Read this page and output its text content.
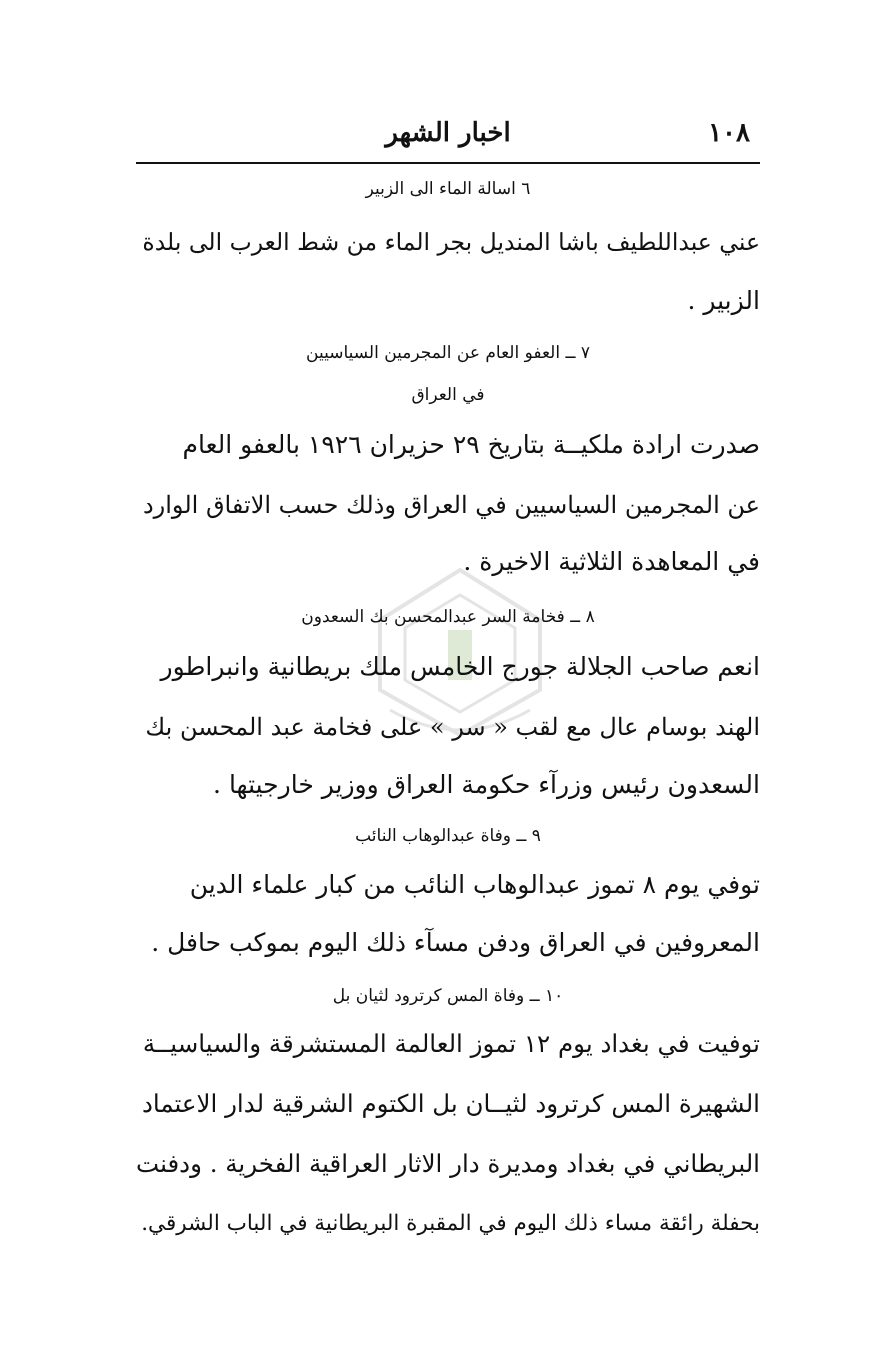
١٠٨
اخبار الشهر
٦ اسالة الماء الى الزبير
عني عبداللطيف باشا المنديل بجر الماء من شط العرب الى بلدة
الزبير .
٧ ــ العفو العام عن المجرمين السياسيين
في العراق
صدرت ارادة ملكيــة بتاريخ ٢٩ حزيران ١٩٢٦ بالعفو العام
عن المجرمين السياسيين في العراق وذلك حسب الاتفاق الوارد
في المعاهدة الثلاثية الاخيرة .
٨ ــ فخامة السر عبدالمحسن بك السعدون
انعم صاحب الجلالة جورج الخامس ملك بريطانية وانبراطور
الهند بوسام عال مع لقب « سر » على فخامة عبد المحسن بك
السعدون رئيس وزرآء حكومة العراق ووزير خارجيتها .
٩ ــ وفاة عبدالوهاب النائب
توفي يوم ٨ تموز عبدالوهاب النائب من كبار علماء الدين
المعروفين في العراق ودفن مسآء ذلك اليوم بموكب حافل .
١٠ ــ وفاة المس كرترود لثيان بل
توفيت في بغداد يوم ١٢ تموز العالمة المستشرقة والسياسيــة
الشهيرة المس كرترود لثيــان بل الكتوم الشرقية لدار الاعتماد
البريطاني في بغداد ومديرة دار الاثار العراقية الفخرية . ودفنت
بحفلة رائقة مساء ذلك اليوم في المقبرة البريطانية في الباب الشرقي.
